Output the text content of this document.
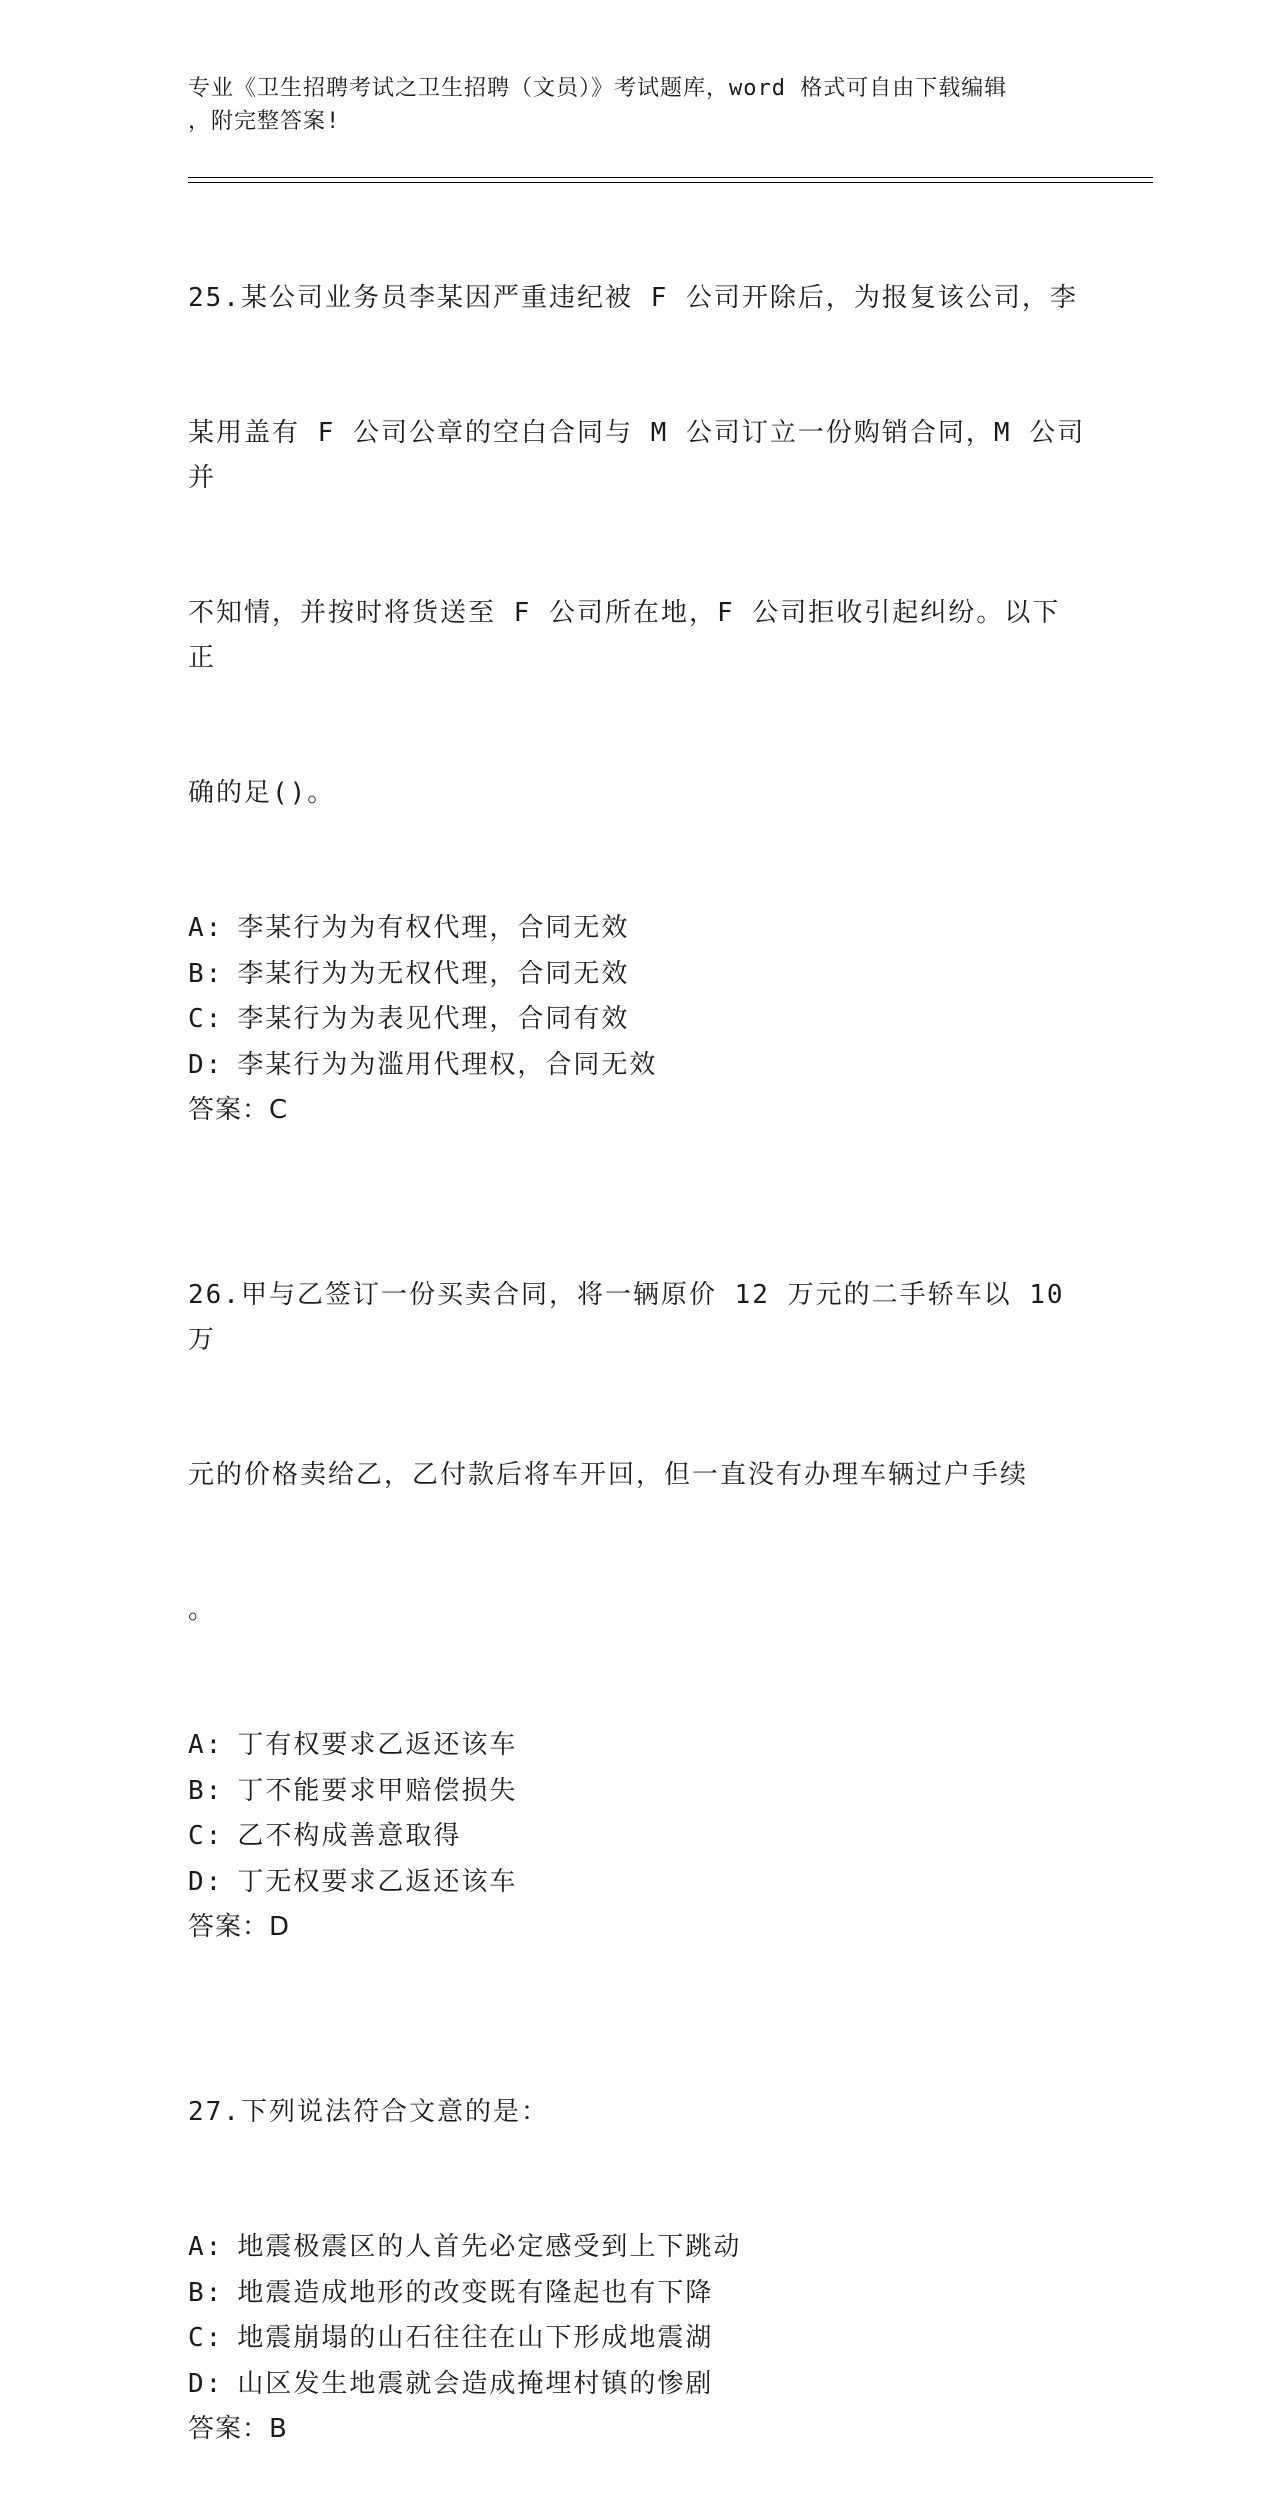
专业《卫生招聘考试之卫生招聘（文员）》考试题库，word 格式可自由下载编辑
，附完整答案!

25.某公司业务员李某因严重违纪被 F 公司开除后，为报复该公司，李

某用盖有 F 公司公章的空白合同与 M 公司订立一份购销合同，M 公司并

不知情，并按时将货送至 F 公司所在地，F 公司拒收引起纠纷。以下正

确的足()。

A : 李某行为为有权代理，合同无效
B : 李某行为为无权代理，合同无效
C : 李某行为为表见代理，合同有效
D : 李某行为为滥用代理权，合同无效
答案：C

26.甲与乙签订一份买卖合同，将一辆原价 12 万元的二手轿车以 10 万

元的价格卖给乙，乙付款后将车开回，但一直没有办理车辆过户手续

。

A : 丁有权要求乙返还该车
B : 丁不能要求甲赔偿损失
C : 乙不构成善意取得
D : 丁无权要求乙返还该车
答案：D

27.下列说法符合文意的是：

A : 地震极震区的人首先必定感受到上下跳动
B : 地震造成地形的改变既有隆起也有下降
C : 地震崩塌的山石往往在山下形成地震湖
D : 山区发生地震就会造成掩埋村镇的惨剧
答案：B
